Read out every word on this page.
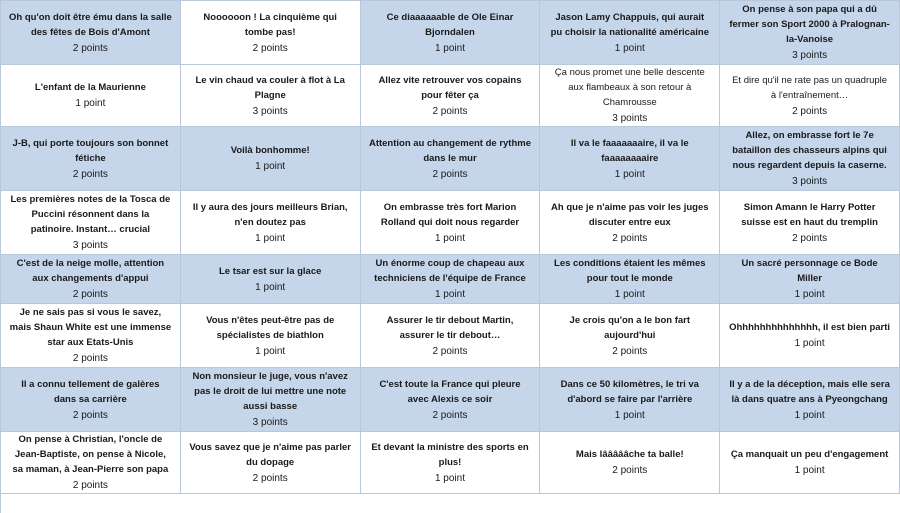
Oh qu'on doit être ému dans la salle des fêtes de Bois d'Amont
2 points
Noooooon ! La cinquième qui tombe pas!
2 points
Ce diaaaaaable de Ole Einar Bjorndalen
1 point
Jason Lamy Chappuis, qui aurait pu choisir la nationalité américaine
1 point
On pense à son papa qui a dû fermer son Sport 2000 à Pralognan-la-Vanoise
3 points
L'enfant de la Maurienne
1 point
Le vin chaud va couler à flot à La Plagne
3 points
Allez vite retrouver vos copains pour fêter ça
2 points
Ça nous promet une belle descente aux flambeaux à son retour à Chamrousse
3 points
Et dire qu'il ne rate pas un quadruple à l'entraînement…
2 points
J-B, qui porte toujours son bonnet fétiche
2 points
Voilà bonhomme!
1 point
Attention au changement de rythme dans le mur
2 points
Il va le faaaaaaaire, il va le faaaaaaaaire
1 point
Allez, on embrasse fort le 7e bataillon des chasseurs alpins qui nous regardent depuis la caserne.
3 points
Les premières notes de la Tosca de Puccini résonnent dans la patinoire. Instant… crucial
3 points
Il y aura des jours meilleurs Brian, n'en doutez pas
1 point
On embrasse très fort Marion Rolland qui doit nous regarder
1 point
Ah que je n'aime pas voir les juges discuter entre eux
2 points
Simon Amann le Harry Potter suisse est en haut du tremplin
2 points
C'est de la neige molle, attention aux changements d'appui
2 points
Le tsar est sur la glace
1 point
Un énorme coup de chapeau aux techniciens de l'équipe de France
1 point
Les conditions étaient les mêmes pour tout le monde
1 point
Un sacré personnage ce Bode Miller
1 point
Je ne sais pas si vous le savez, mais Shaun White est une immense star aux Etats-Unis
2 points
Vous n'êtes peut-être pas de spécialistes de biathlon
1 point
Assurer le tir debout Martin, assurer le tir debout…
2 points
Je crois qu'on a le bon fart aujourd'hui
2 points
Ohhhhhhhhhhhhhh, il est bien parti
1 point
Il a connu tellement de galères dans sa carrière
2 points
Non monsieur le juge, vous n'avez pas le droit de lui mettre une note aussi basse
3 points
C'est toute la France qui pleure avec Alexis ce soir
2 points
Dans ce 50 kilomètres, le tri va d'abord se faire par l'arrière
1 point
Il y a de la déception, mais elle sera là dans quatre ans à Pyeongchang
1 point
On pense à Christian, l'oncle de Jean-Baptiste, on pense à Nicole, sa maman, à Jean-Pierre son papa
2 points
Vous savez que je n'aime pas parler du dopage
2 points
Et devant la ministre des sports en plus!
1 point
Mais lâââââche ta balle!
2 points
Ça manquait un peu d'engagement
1 point
